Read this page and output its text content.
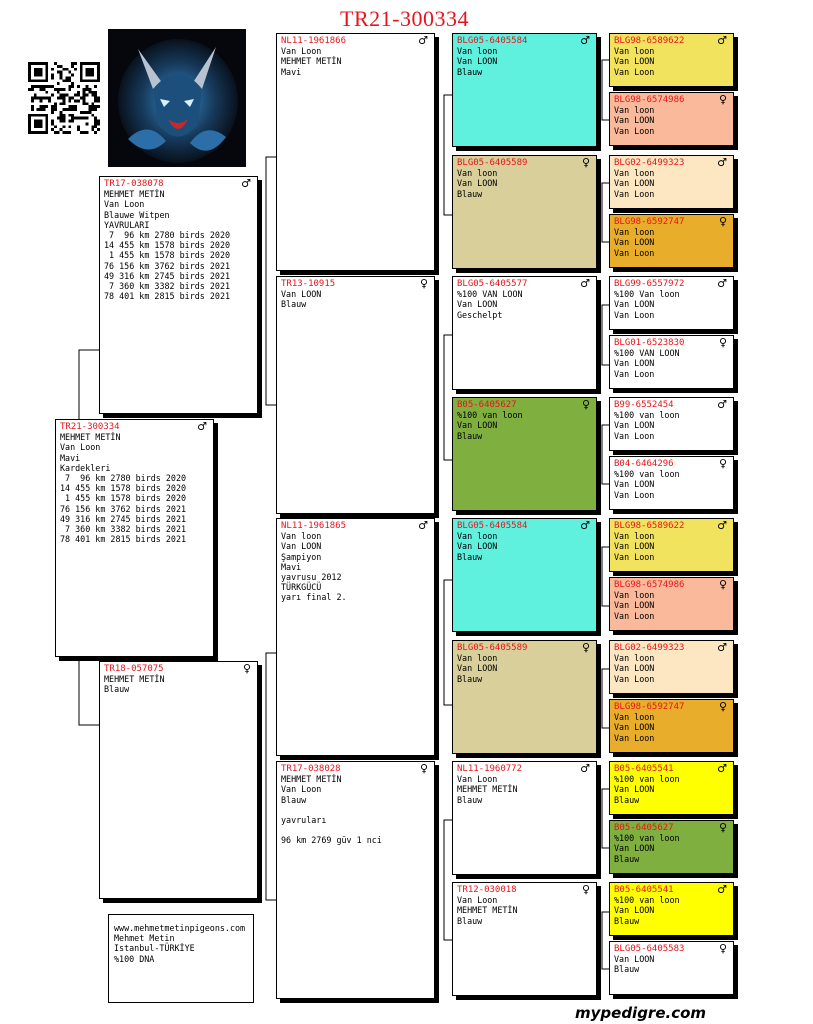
TR21-300334
TR21-300334	♂
MEHMET METİN
Van Loon
Mavi
Kardekleri
7  96 km 2780 birds 2020
14 455 km 1578 birds 2020
1 455 km 1578 birds 2020
76 156 km 3762 birds 2021
49 316 km 2745 birds 2021
7 360 km 3382 birds 2021
78 401 km 2815 birds 2021
TR17-038078	♂
MEHMET METİN
Van Loon
Blauwe Witpen
YAVRULARI
7  96 km 2780 birds 2020
14 455 km 1578 birds 2020
1 455 km 1578 birds 2020
76 156 km 3762 birds 2021
49 316 km 2745 birds 2021
7 360 km 3382 birds 2021
78 401 km 2815 birds 2021
TR18-057075	♀
MEHMET METİN
Blauw
NL11-1961866	♂
Van Loon
MEHMET METİN
Mavi
TR13-10915	♀
Van LOON
Blauw
NL11-1961865	♂
Van loon
Van LOON
Şampiyon
Mavi
yavrusu 2012
TÜRKGÜCÜ
yarı final 2.
TR17-038028	♀
MEHMET METİN
Van Loon
Blauw
yavruları
96 km 2769 güv 1 nci
BLG05-6405584	♂
Van loon
Van LOON
Blauw
BLG05-6405589	♀
Van loon
Van LOON
Blauw
BLG05-6405577	♂
%100 VAN LOON
Van LOON
Geschelpt
B05-6405627	♀
%100 van loon
Van LOON
Blauw
BLG05-6405584	♂
Van loon
Van LOON
Blauw
BLG05-6405589	♀
Van loon
Van LOON
Blauw
NL11-1960772	♂
Van Loon
MEHMET METİN
Blauw
TR12-030018	♀
Van Loon
MEHMET METİN
Blauw
BLG98-6589622	♂
Van loon
Van LOON
Van Loon
BLG98-6574986	♀
Van loon
Van LOON
Van Loon
BLG02-6499323	♂
Van loon
Van LOON
Van Loon
BLG98-6592747	♀
Van loon
Van LOON
Van Loon
BLG99-6557972	♂
%100 Van loon
Van LOON
Van Loon
BLG01-6523830	♀
%100 VAN LOON
Van LOON
Van Loon
B99-6552454	♂
%100 van loon
Van LOON
Van Loon
B04-6464296	♀
%100 van loon
Van LOON
Van Loon
BLG98-6589622	♂
Van loon
Van LOON
Van Loon
BLG98-6574986	♀
Van loon
Van LOON
Van Loon
BLG02-6499323	♂
Van loon
Van LOON
Van Loon
BLG98-6592747	♀
Van loon
Van LOON
Van Loon
B05-6405541	♂
%100 van loon
Van LOON
Blauw
B05-6405627	♀
%100 van loon
Van LOON
Blauw
B05-6405541	♂
%100 van loon
Van LOON
Blauw
BLG05-6405583	♀
Van LOON
Blauw
www.mehmetmetinpigeons.com
Mehmet Metin
Istanbul-TÜRKİYE
%100 DNA
mypedigre.com
